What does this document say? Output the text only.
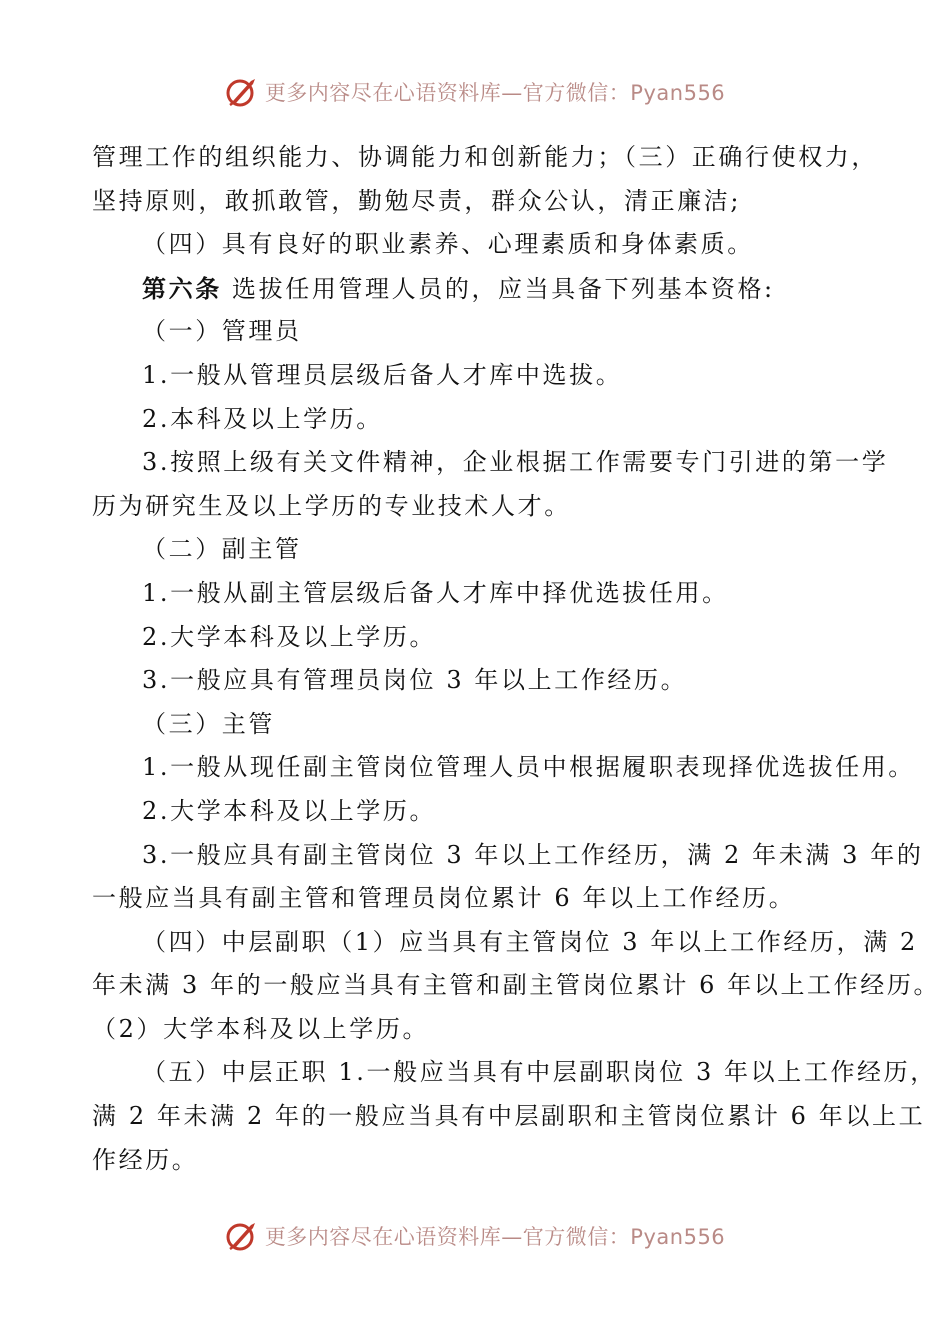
更多内容尽在心语资料库—官方微信：Pyan556
管理工作的组织能力、协调能力和创新能力；（三）正确行使权力，
坚持原则，敢抓敢管，勤勉尽责，群众公认，清正廉洁;
（四）具有良好的职业素养、心理素质和身体素质。
第六条 选拔任用管理人员的，应当具备下列基本资格:
（一）管理员
1.一般从管理员层级后备人才库中选拔。
2.本科及以上学历。
3.按照上级有关文件精神，企业根据工作需要专门引进的第一学
历为研究生及以上学历的专业技术人才。
（二）副主管
1.一般从副主管层级后备人才库中择优选拔任用。
2.大学本科及以上学历。
3.一般应具有管理员岗位 3 年以上工作经历。
（三）主管
1.一般从现任副主管岗位管理人员中根据履职表现择优选拔任用。
2.大学本科及以上学历。
3.一般应具有副主管岗位 3 年以上工作经历，满 2 年未满 3 年的
一般应当具有副主管和管理员岗位累计 6 年以上工作经历。
（四）中层副职（1）应当具有主管岗位 3 年以上工作经历，满 2
年未满 3 年的一般应当具有主管和副主管岗位累计 6 年以上工作经历。
（2）大学本科及以上学历。
（五）中层正职 1.一般应当具有中层副职岗位 3 年以上工作经历，
满 2 年未满 2 年的一般应当具有中层副职和主管岗位累计 6 年以上工
作经历。
更多内容尽在心语资料库—官方微信：Pyan556
